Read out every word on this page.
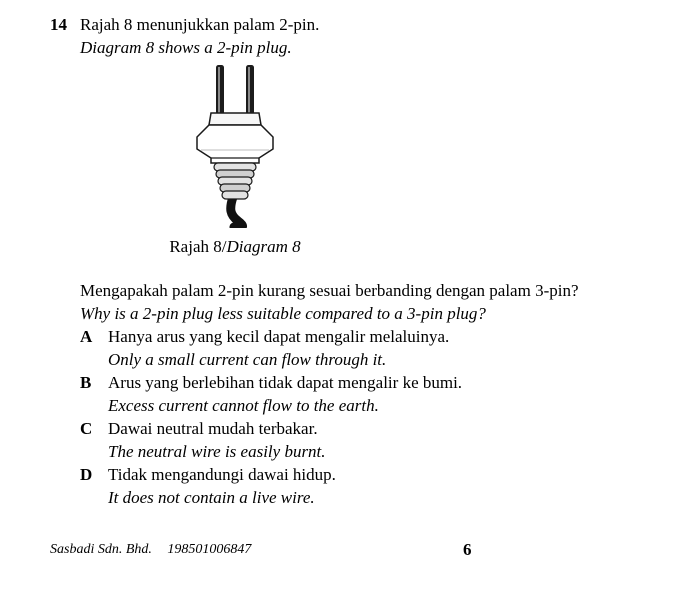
14 Rajah 8 menunjukkan palam 2-pin.
Diagram 8 shows a 2-pin plug.
Rajah 8/Diagram 8
Mengapakah palam 2-pin kurang sesuai berbanding dengan palam 3-pin?
Why is a 2-pin plug less suitable compared to a 3-pin plug?
A Hanya arus yang kecil dapat mengalir melaluinya.
Only a small current can flow through it.
B Arus yang berlebihan tidak dapat mengalir ke bumi.
Excess current cannot flow to the earth.
C Dawai neutral mudah terbakar.
The neutral wire is easily burnt.
D Tidak mengandungi dawai hidup.
It does not contain a live wire.
Sasbadi Sdn. Bhd. 198501006847	6
